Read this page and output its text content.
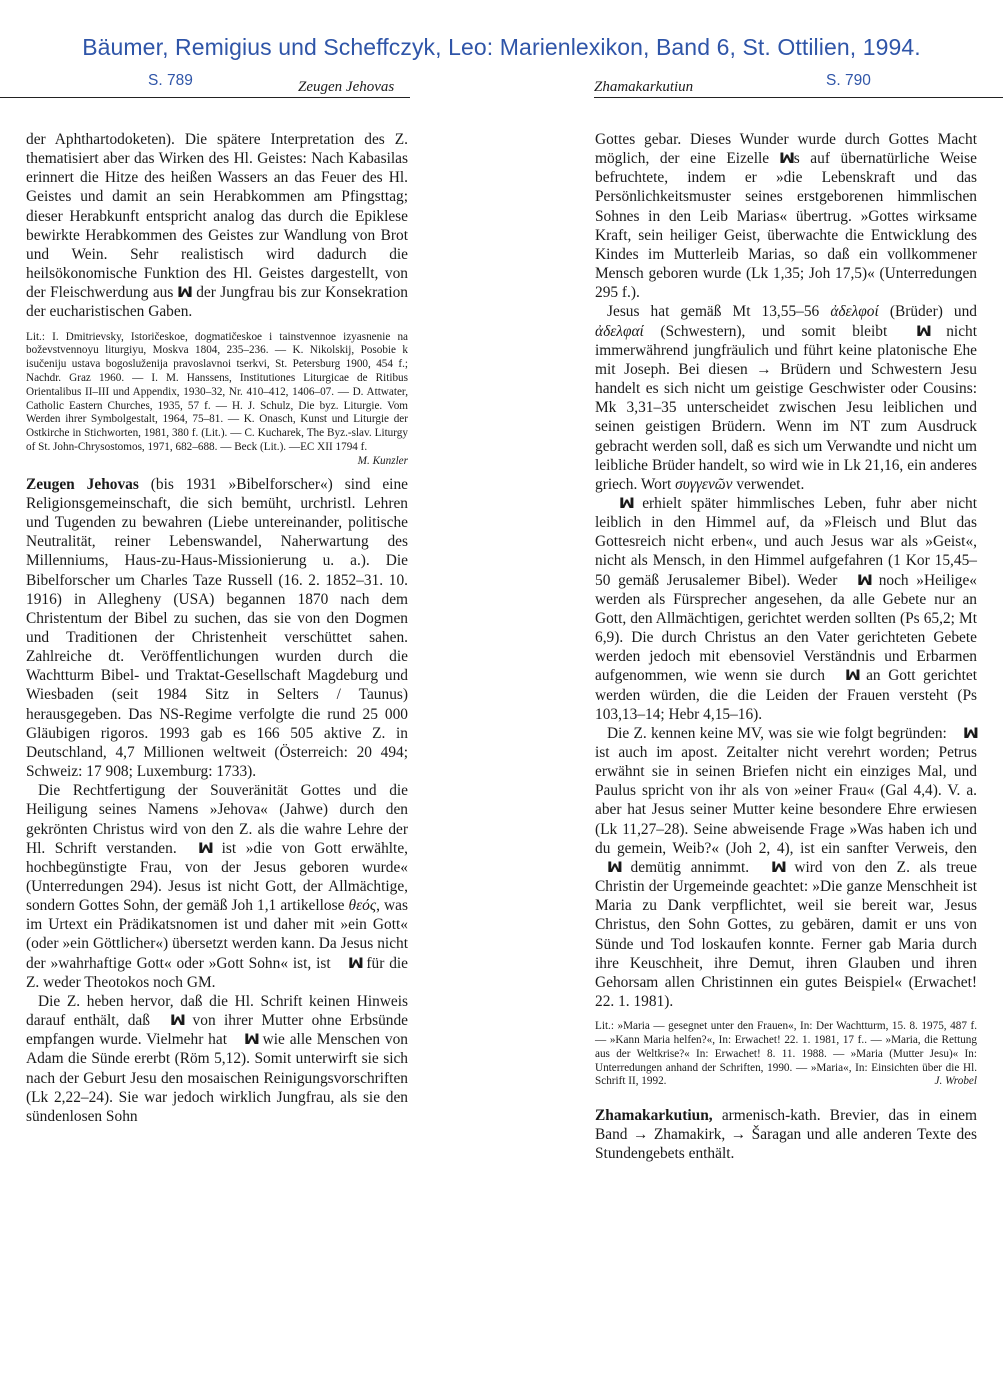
Bäumer, Remigius und Scheffczyk, Leo: Marienlexikon, Band 6, St. Ottilien, 1994.
S. 789	S. 790
Zeugen Jehovas	Zhamakarkutiun

der Aphthartodoketen). Die spätere Interpretation des Z. thematisiert aber das Wirken des Hl. Geistes: Nach Kabasilas erinnert die Hitze des heißen Wassers an das Feuer des Hl. Geistes und damit an sein Herabkommen am Pfingsttag; dieser Herabkunft entspricht analog das durch die Epiklese bewirkte Herabkommen des Geistes zur Wandlung von Brot und Wein. Sehr realistisch wird dadurch die heilsökonomische Funktion des Hl. Geistes dargestellt, von der Fleischwerdung aus ꟽ der Jungfrau bis zur Konsekration der eucharistischen Gaben.

Lit.: I. Dmitrievsky, Istoričeskoe, dogmatičeskoe i tainstvennoe izyasnenie na boževstvennoyu liturgiyu, Moskva 1804, 235–236. — K. Nikolskij, Posobie k isučeniju ustava bogosluženija pravoslavnoi tserkvi, St. Petersburg 1900, 454 f.; Nachdr. Graz 1960. — I. M. Hanssens, Institutiones Liturgicae de Ritibus Orientalibus II–III und Appendix, 1930–32, Nr. 410–412, 1406–07. — D. Attwater, Catholic Eastern Churches, 1935, 57 f. — H. J. Schulz, Die byz. Liturgie. Vom Werden ihrer Symbolgestalt, 1964, 75–81. — K. Onasch, Kunst und Liturgie der Ostkirche in Stichworten, 1981, 380 f. (Lit.). — C. Kucharek, The Byz.-slav. Liturgy of St. John-Chrysostomos, 1971, 682–688. — Beck (Lit.). —EC XII 1794 f.
M. Kunzler

Zeugen Jehovas (bis 1931 »Bibelforscher«) sind eine Religionsgemeinschaft, die sich bemüht, urchristl. Lehren und Tugenden zu bewahren (Liebe untereinander, politische Neutralität, reiner Lebenswandel, Naherwartung des Millenniums, Haus-zu-Haus-Missionierung u. a.). Die Bibelforscher um Charles Taze Russell (16. 2. 1852–31. 10. 1916) in Allegheny (USA) begannen 1870 nach dem Christentum der Bibel zu suchen, das sie von den Dogmen und Traditionen der Christenheit verschüttet sahen. Zahlreiche dt. Veröffentlichungen wurden durch die Wachtturm Bibel- und Traktat-Gesellschaft Magdeburg und Wiesbaden (seit 1984 Sitz in Selters / Taunus) herausgegeben. Das NS-Regime verfolgte die rund 25 000 Gläubigen rigoros. 1993 gab es 166 505 aktive Z. in Deutschland, 4,7 Millionen weltweit (Österreich: 20 494; Schweiz: 17 908; Luxemburg: 1733).

Die Rechtfertigung der Souveränität Gottes und die Heiligung seines Namens »Jehova« (Jahwe) durch den gekrönten Christus wird von den Z. als die wahre Lehre der Hl. Schrift verstanden. ꟽ ist »die von Gott erwählte, hochbegünstigte Frau, von der Jesus geboren wurde« (Unterredungen 294). Jesus ist nicht Gott, der Allmächtige, sondern Gottes Sohn, der gemäß Joh 1,1 artikellose θεός, was im Urtext ein Prädikatsnomen ist und daher mit »ein Gott« (oder »ein Göttlicher«) übersetzt werden kann. Da Jesus nicht der »wahrhaftige Gott« oder »Gott Sohn« ist, ist ꟽ für die Z. weder Theotokos noch GM.

Die Z. heben hervor, daß die Hl. Schrift keinen Hinweis darauf enthält, daß ꟽ von ihrer Mutter ohne Erbsünde empfangen wurde. Vielmehr hat ꟽ wie alle Menschen von Adam die Sünde ererbt (Röm 5,12). Somit unterwirft sie sich nach der Geburt Jesu den mosaischen Reinigungsvorschriften (Lk 2,22–24). Sie war jedoch wirklich Jungfrau, als sie den sündenlosen Sohn

Gottes gebar. Dieses Wunder wurde durch Gottes Macht möglich, der eine Eizelle ꟽs auf übernatürliche Weise befruchtete, indem er »die Lebenskraft und das Persönlichkeitsmuster seines erstgeborenen himmlischen Sohnes in den Leib Marias« übertrug. »Gottes wirksame Kraft, sein heiliger Geist, überwachte die Entwicklung des Kindes im Mutterleib Marias, so daß ein vollkommener Mensch geboren wurde (Lk 1,35; Joh 17,5)« (Unterredungen 295 f.).

Jesus hat gemäß Mt 13,55–56 ἀδελφοί (Brüder) und ἀδελφαί (Schwestern), und somit bleibt ꟽ nicht immerwährend jungfräulich und führt keine platonische Ehe mit Joseph. Bei diesen → Brüdern und Schwestern Jesu handelt es sich nicht um geistige Geschwister oder Cousins: Mk 3,31–35 unterscheidet zwischen Jesu leiblichen und seinen geistigen Brüdern. Wenn im NT zum Ausdruck gebracht werden soll, daß es sich um Verwandte und nicht um leibliche Brüder handelt, so wird wie in Lk 21,16, ein anderes griech. Wort συγγενῶν verwendet.

ꟽ erhielt später himmlisches Leben, fuhr aber nicht leiblich in den Himmel auf, da »Fleisch und Blut das Gottesreich nicht erben«, und auch Jesus war als »Geist«, nicht als Mensch, in den Himmel aufgefahren (1 Kor 15,45–50 gemäß Jerusalemer Bibel). Weder ꟽ noch »Heilige« werden als Fürsprecher angesehen, da alle Gebete nur an Gott, den Allmächtigen, gerichtet werden sollten (Ps 65,2; Mt 6,9). Die durch Christus an den Vater gerichteten Gebete werden jedoch mit ebensoviel Verständnis und Erbarmen aufgenommen, wie wenn sie durch ꟽ an Gott gerichtet werden würden, die die Leiden der Frauen versteht (Ps 103,13–14; Hebr 4,15–16).

Die Z. kennen keine MV, was sie wie folgt begründen: ꟽ ist auch im apost. Zeitalter nicht verehrt worden; Petrus erwähnt sie in seinen Briefen nicht ein einziges Mal, und Paulus spricht von ihr als von »einer Frau« (Gal 4,4). V. a. aber hat Jesus seiner Mutter keine besondere Ehre erwiesen (Lk 11,27–28). Seine abweisende Frage »Was haben ich und du gemein, Weib?« (Joh 2, 4), ist ein sanfter Verweis, den ꟽ demütig annimmt. ꟽ wird von den Z. als treue Christin der Urgemeinde geachtet: »Die ganze Menschheit ist Maria zu Dank verpflichtet, weil sie bereit war, Jesus Christus, den Sohn Gottes, zu gebären, damit er uns von Sünde und Tod loskaufen konnte. Ferner gab Maria durch ihre Keuschheit, ihre Demut, ihren Glauben und ihren Gehorsam allen Christinnen ein gutes Beispiel« (Erwachet! 22. 1. 1981).

Lit.: »Maria — gesegnet unter den Frauen«, In: Der Wachtturm, 15. 8. 1975, 487 f. — »Kann Maria helfen?«, In: Erwachet! 22. 1. 1981, 17 f.. — »Maria, die Rettung aus der Weltkrise?« In: Erwachet! 8. 11. 1988. — »Maria (Mutter Jesu)« In: Unterredungen anhand der Schriften, 1990. — »Maria«, In: Einsichten über die Hl. Schrift II, 1992.	J. Wrobel

Zhamakarkutiun, armenisch-kath. Brevier, das in einem Band → Zhamakirk, → Šaragan und alle anderen Texte des Stundengebets enthält.
